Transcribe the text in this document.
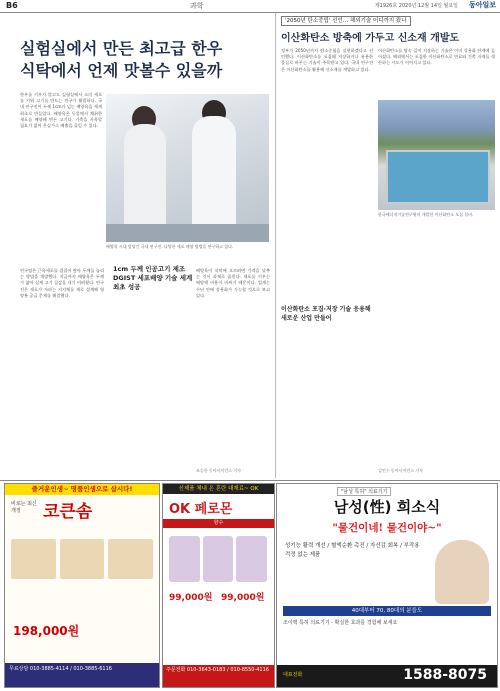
B6	과학	제1926호 2020년 12월 14일 월요일 동아일보
실험실에서 만든 최고급 한우
식탁에서 언제 맛볼수 있을까

한우를 키우지 않고도 실험실에서 소의 세포를 키워 고기를 만드는 연구가 활발하다. 국내 연구진이 두께 1cm가 넘는 배양육을 세계 최초로 만들었다. 배양육은 동물에서 채취한 세포를 배양해 만든 고기다. 가축을 사육할 필요가 없어 온실가스 배출을 줄일 수 있다.

배양육 시대 앞당긴 국내 연구진. 다양한 세포 배양 방법을 연구하고 있다.
1cm 두께 인공고기 제조 DGIST 세포배양 기술 세계 최초 성공

연구팀은 근육세포를 겹겹이 쌓아 두께를 늘리는 방법을 개발했다. 지금까지 배양육은 두께가 얇아 실제 고기 질감을 내기 어려웠다. 연구진은 세포가 자라는 지지체를 새로 설계해 영양분 공급 문제를 해결했다.

배양육이 식탁에 오르려면 가격을 낮추는 것이 과제로 꼽힌다. 세포를 키우는 배양액 비용이 비싸기 때문이다. 업계는 수년 안에 상용화가 가능할 것으로 보고 있다.

조승한 동아사이언스 기자
'2050년 탄소중립' 선언… 해외기술 어디까지 왔나
이산화탄소 방축에 가두고 신소재 개발도

정부가 2050년까지 탄소중립을 실현하겠다고 선언했다. 이산화탄소를 포집해 저장하거나 유용한 물질로 바꾸는 기술이 주목받고 있다. 국내 연구진은 이산화탄소를 활용해 신소재를 개발하고 있다.

이산화탄소를 땅속 깊이 저장하는 기술은 이미 상용화 단계에 들어섰다. 해외에서는 포집한 이산화탄소로 연료와 건축 자재를 생산하는 시도가 이어지고 있다.

한국에너지기술연구원이 개발한 이산화탄소 포집 설비.
이산화탄소 포집·저장 기술 응용해 새로운 산업 만들어
김민수 동아사이언스 기자
즐거운인생~ 명품인생으로 삽시다!
비로는 최신 개정	코큰솜
198,000원
무료상담 010-3885-4114 / 010-3885-6116
신제품 체내 온 혼란 대재료~ OK
OK 페로몬
향수
99,000원 99,000원
주문전화 010-3643-0183 / 010-8550-4116
"남성 특허" 의료기기
남성(性) 희소식
"물건이네! 물건이야~"
성기능 활력 개선 / 혈액순환 촉진 / 자신감 회복 / 부작용 걱정 없는 제품
40대부터 70, 80대의 분들도
조이맥 특허 의료기기 - 확실한 효과를 경험해 보세요
대표전화	1588-8075
